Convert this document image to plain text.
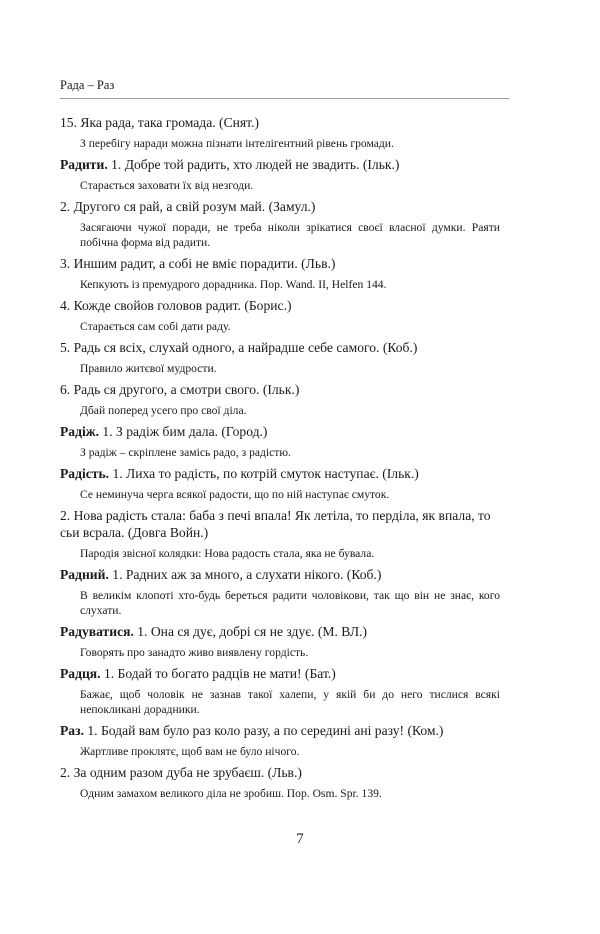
Рада – Раз
15. Яка рада, така громада. (Снят.)
З перебігу наради можна пізнати інтелігентний рівень громади.
Радити. 1. Добре той радить, хто людей не звадить. (Ільк.)
Старається заховати їх від незгоди.
2. Другого ся рай, а свій розум май. (Замул.)
Засягаючи чужої поради, не треба ніколи зрікатися своєї власної думки. Раяти побічна форма від радити.
3. Иншим радит, а собі не вміє порадити. (Льв.)
Кепкують із премудрого дорадника. Пор. Wand. II, Helfen 144.
4. Кожде свойов головов радит. (Борис.)
Старається сам собі дати раду.
5. Радь ся всіх, слухай одного, а найрадше себе самого. (Коб.)
Правило житєвої мудрости.
6. Радь ся другого, а смотри свого. (Ільк.)
Дбай поперед усего про свої діла.
Радіж. 1. З радіж бим дала. (Город.)
З радіж – скріплене замісь радо, з радістю.
Радість. 1. Лиха то радість, по котрій смуток наступає. (Ільк.)
Се неминуча черга всякої радости, що по ній наступає смуток.
2. Нова радість стала: баба з печі впала! Як летіла, то перділа, як впала, то сьи всрала. (Довга Войн.)
Пародія звісної колядки: Нова радость стала, яка не бувала.
Радний. 1. Радних аж за много, а слухати нікого. (Коб.)
В великім клопоті хто-будь береться радити чоловікови, так що він не знає, кого слухати.
Радуватися. 1. Она ся дує, добрі ся не здує. (М. ВЛ.)
Говорять про занадто живо виявлену гордість.
Радця. 1. Бодай то богато радців не мати! (Бат.)
Бажає, щоб чоловік не зазнав такої халепи, у якій би до него тислися всякі непокликані дорадники.
Раз. 1. Бодай вам було раз коло разу, а по середині ані разу! (Ком.)
Жартливе проклятє, щоб вам не було нічого.
2. За одним разом дуба не зрубаєш. (Льв.)
Одним замахом великого діла не зробиш. Пор. Osm. Spr. 139.
7
